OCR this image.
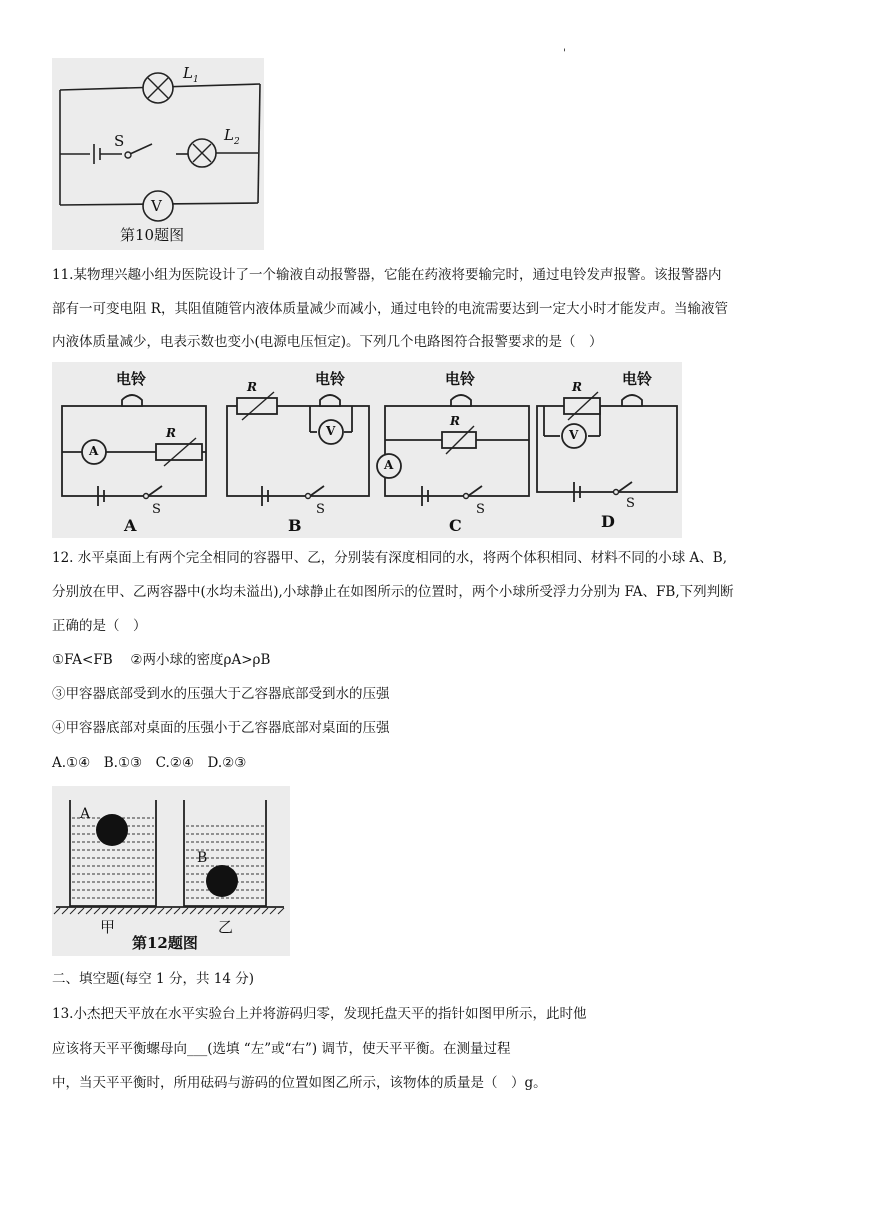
'
$L_1$
$L_2$
S
V
第10题图
11.某物理兴趣小组为医院设计了一个输液自动报警器，它能在药液将要输完时，通过电铃发声报警。该报警器内
部有一可变电阻 R，其阻值随管内液体质量减少而减小，通过电铃的电流需要达到一定大小时才能发声。当输液管
内液体质量减少，电表示数也变小(电源电压恒定)。下列几个电路图符合报警要求的是（　）
电铃	电铃	电铃	电铃
R
R
R
R
A
V
A
V
S	S	S	S
A	B	C	D
12. 水平桌面上有两个完全相同的容器甲、乙，分别装有深度相同的水，将两个体积相同、材料不同的小球 A、B,
分别放在甲、乙两容器中(水均未溢出),小球静止在如图所示的位置时，两个小球所受浮力分别为 FA、FB,下列判断
正确的是（　）
①FA<FB　 ②两小球的密度ρA>ρB
③甲容器底部受到水的压强大于乙容器底部受到水的压强
④甲容器底部对桌面的压强小于乙容器底部对桌面的压强
A.①④　B.①③　C.②④　D.②③
A
B
甲	乙
第12题图
二、填空题(每空 1 分，共 14 分)
13.小杰把天平放在水平实验台上并将游码归零，发现托盘天平的指针如图甲所示，此时他
应该将天平平衡螺母向___(选填 “左”或“右”) 调节，使天平平衡。在测量过程
中，当天平平衡时，所用砝码与游码的位置如图乙所示，该物体的质量是（　）g。
